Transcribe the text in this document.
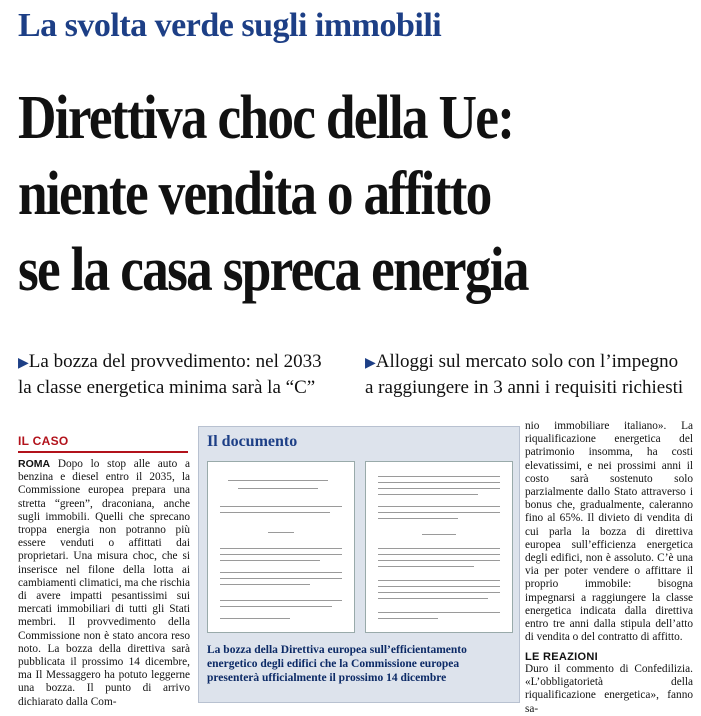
La svolta verde sugli immobili
Direttiva choc della Ue:
niente vendita o affitto
se la casa spreca energia
▶La bozza del provvedimento: nel 2033
la classe energetica minima sarà la “C”
▶Alloggi sul mercato solo con l’impegno
a raggiungere in 3 anni i requisiti richiesti
IL CASO
ROMA Dopo lo stop alle auto a benzina e diesel entro il 2035, la Commissione europea prepara una stretta “green”, draconiana, anche sugli immobili. Quelli che sprecano troppa energia non potranno più essere venduti o affittati dai proprietari. Una misura choc, che si inserisce nel filone della lotta ai cambiamenti climatici, ma che rischia di avere impatti pesantissimi sui mercati immobiliari di tutti gli Stati membri. Il provvedimento della Commissione non è stato ancora reso noto. La bozza della direttiva sarà pubblicata il prossimo 14 dicembre, ma Il Messaggero ha potuto leggerne una bozza. Il punto di arrivo dichiarato dalla Com-
Il documento
La bozza della Direttiva europea sull’efficientamento energetico degli edifici che la Commissione europea presenterà ufficialmente il prossimo 14 dicembre
nio immobiliare italiano». La riqualificazione energetica del patrimonio insomma, ha costi elevatissimi, e nei prossimi anni il costo sarà sostenuto solo parzialmente dallo Stato attraverso i bonus che, gradualmente, caleranno fino al 65%. Il divieto di vendita di cui parla la bozza di direttiva europea sull’efficienza energetica degli edifici, non è assoluto. C’è una via per poter vendere o affittare il proprio immobile: bisogna impegnarsi a raggiungere la classe energetica indicata dalla direttiva entro tre anni dalla stipula dell’atto di vendita o del contratto di affitto.
LE REAZIONI
Duro il commento di Confedilizia. «L’obbligatorietà della riqualificazione energetica», fanno sa-
